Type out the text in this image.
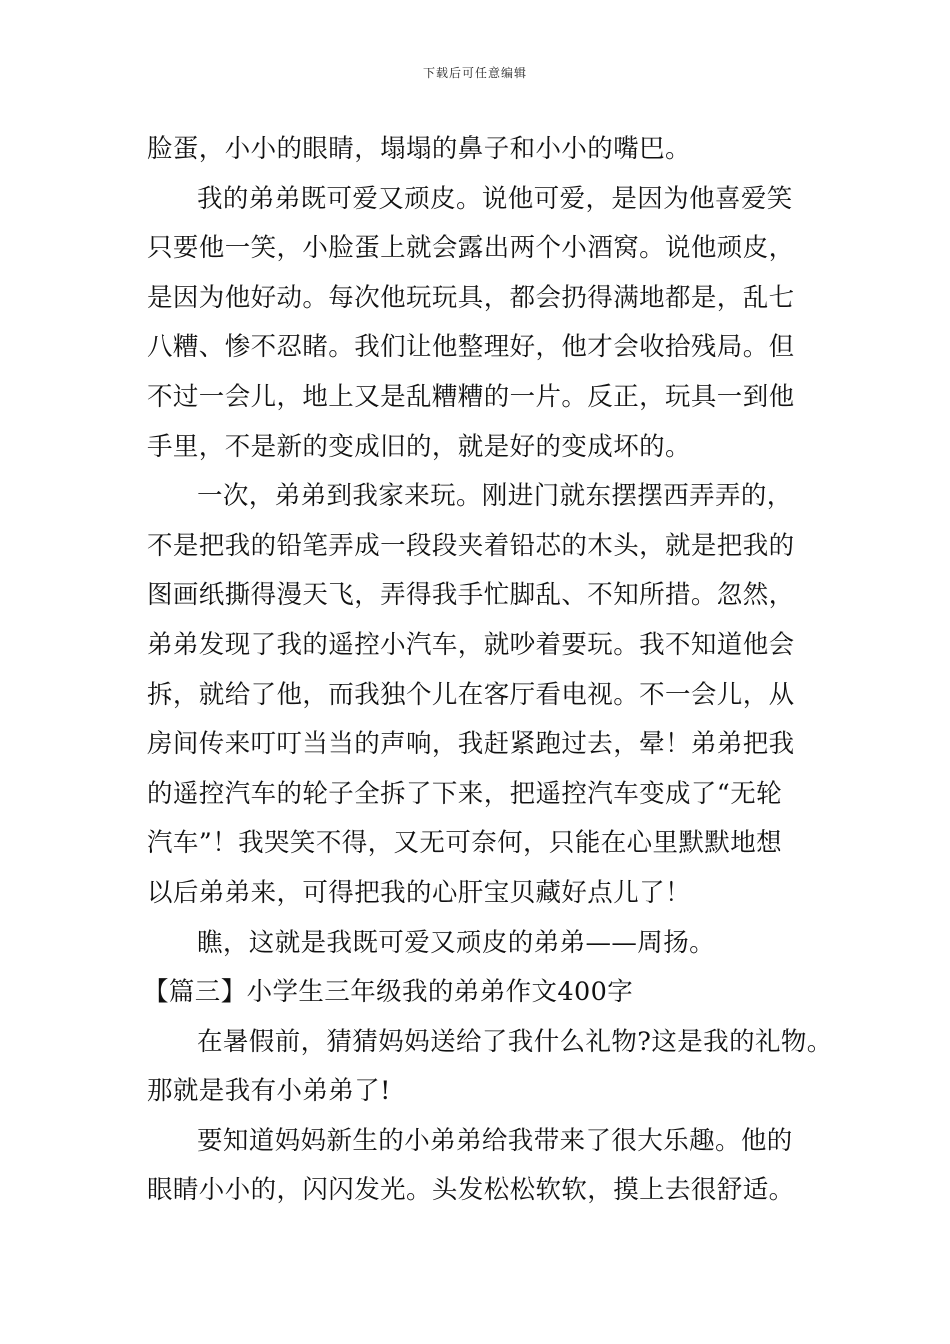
下载后可任意编辑
脸蛋，小小的眼睛，塌塌的鼻子和小小的嘴巴。
我的弟弟既可爱又顽皮。说他可爱，是因为他喜爱笑
只要他一笑，小脸蛋上就会露出两个小酒窝。说他顽皮，
是因为他好动。每次他玩玩具，都会扔得满地都是，乱七
八糟、惨不忍睹。我们让他整理好，他才会收拾残局。但
不过一会儿，地上又是乱糟糟的一片。反正，玩具一到他
手里，不是新的变成旧的，就是好的变成坏的。
一次，弟弟到我家来玩。刚进门就东摆摆西弄弄的，
不是把我的铅笔弄成一段段夹着铅芯的木头，就是把我的
图画纸撕得漫天飞，弄得我手忙脚乱、不知所措。忽然，
弟弟发现了我的遥控小汽车，就吵着要玩。我不知道他会
拆，就给了他，而我独个儿在客厅看电视。不一会儿，从
房间传来叮叮当当的声响，我赶紧跑过去，晕！弟弟把我
的遥控汽车的轮子全拆了下来，把遥控汽车变成了“无轮
汽车”！我哭笑不得，又无可奈何，只能在心里默默地想
以后弟弟来，可得把我的心肝宝贝藏好点儿了！
瞧，这就是我既可爱又顽皮的弟弟——周扬。
【篇三】小学生三年级我的弟弟作文400字
在暑假前，猜猜妈妈送给了我什么礼物?这是我的礼物。
那就是我有小弟弟了!
要知道妈妈新生的小弟弟给我带来了很大乐趣。他的
眼睛小小的，闪闪发光。头发松松软软，摸上去很舒适。
